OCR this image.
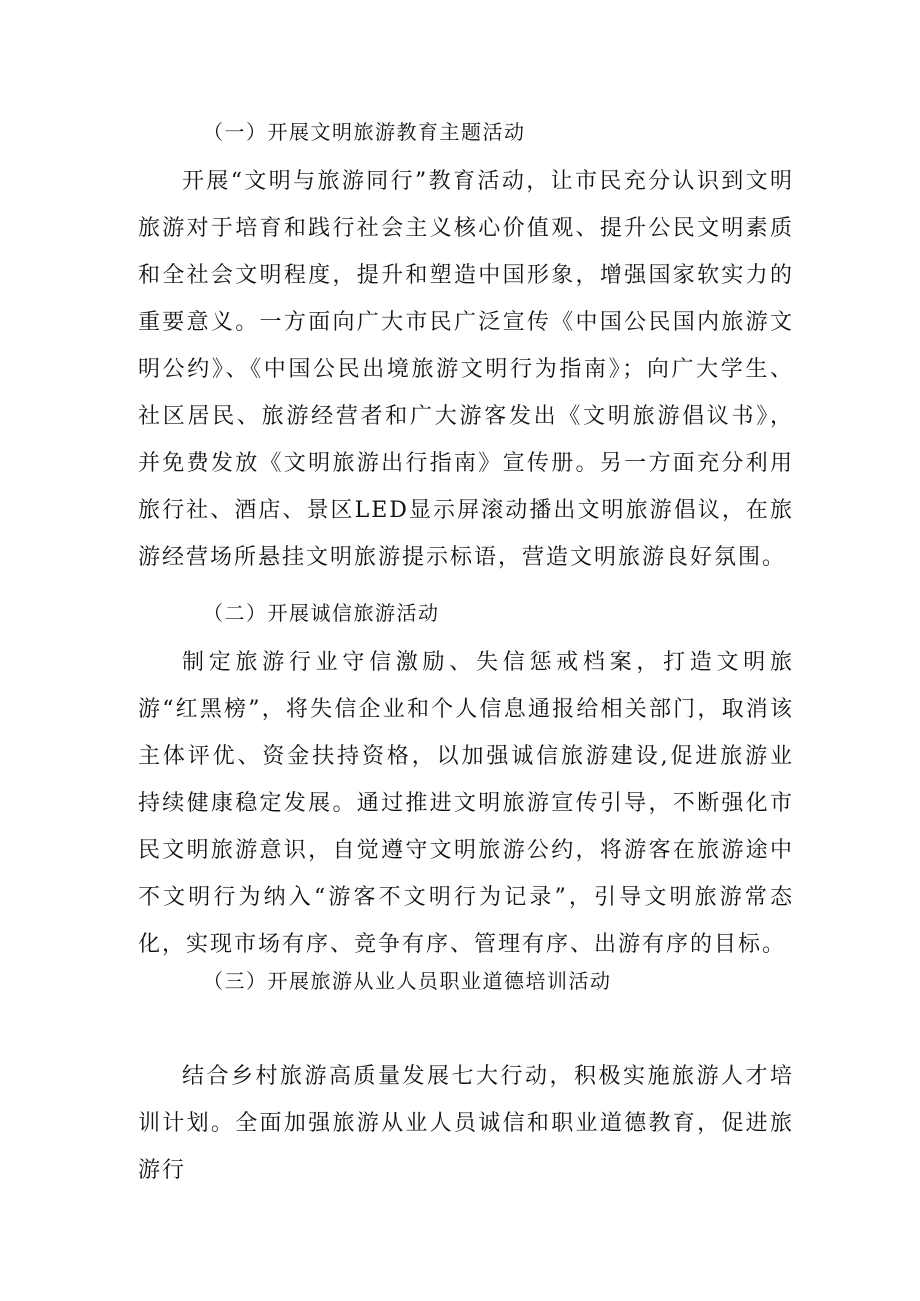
（一）开展文明旅游教育主题活动

开展“文明与旅游同行”教育活动，让市民充分认识到文明旅游对于培育和践行社会主义核心价值观、提升公民文明素质和全社会文明程度，提升和塑造中国形象，增强国家软实力的重要意义。一方面向广大市民广泛宣传《中国公民国内旅游文明公约》、《中国公民出境旅游文明行为指南》；向广大学生、社区居民、旅游经营者和广大游客发出《文明旅游倡议书》，并免费发放《文明旅游出行指南》宣传册。另一方面充分利用旅行社、酒店、景区LED显示屏滚动播出文明旅游倡议，在旅游经营场所悬挂文明旅游提示标语，营造文明旅游良好氛围。

（二）开展诚信旅游活动

制定旅游行业守信激励、失信惩戒档案，打造文明旅游“红黑榜”，将失信企业和个人信息通报给相关部门，取消该主体评优、资金扶持资格，以加强诚信旅游建设,促进旅游业持续健康稳定发展。通过推进文明旅游宣传引导，不断强化市民文明旅游意识，自觉遵守文明旅游公约，将游客在旅游途中不文明行为纳入“游客不文明行为记录”，引导文明旅游常态化，实现市场有序、竞争有序、管理有序、出游有序的目标。

（三）开展旅游从业人员职业道德培训活动

结合乡村旅游高质量发展七大行动，积极实施旅游人才培训计划。全面加强旅游从业人员诚信和职业道德教育，促进旅游行
